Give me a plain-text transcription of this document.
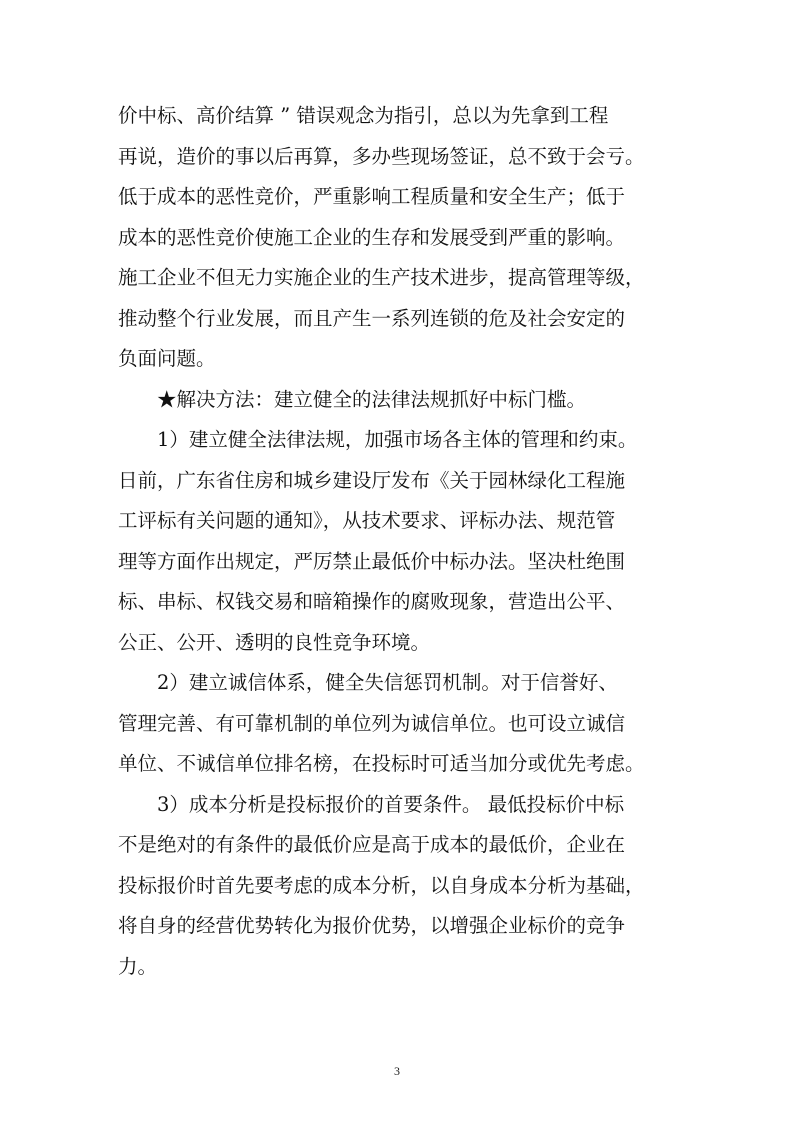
价中标、高价结算 ” 错误观念为指引，总以为先拿到工程
再说，造价的事以后再算，多办些现场签证，总不致于会亏。
低于成本的恶性竞价，严重影响工程质量和安全生产；低于
成本的恶性竞价使施工企业的生存和发展受到严重的影响。
施工企业不但无力实施企业的生产技术进步，提高管理等级，
推动整个行业发展，而且产生一系列连锁的危及社会安定的
负面问题。
★解决方法：建立健全的法律法规抓好中标门槛。
1）建立健全法律法规，加强市场各主体的管理和约束。
日前，广东省住房和城乡建设厅发布《关于园林绿化工程施
工评标有关问题的通知》，从技术要求、评标办法、规范管
理等方面作出规定，严厉禁止最低价中标办法。坚决杜绝围
标、串标、权钱交易和暗箱操作的腐败现象，营造出公平、
公正、公开、透明的良性竞争环境。
2）建立诚信体系，健全失信惩罚机制。对于信誉好、
管理完善、有可靠机制的单位列为诚信单位。也可设立诚信
单位、不诚信单位排名榜，在投标时可适当加分或优先考虑。
3）成本分析是投标报价的首要条件。 最低投标价中标
不是绝对的有条件的最低价应是高于成本的最低价，企业在
投标报价时首先要考虑的成本分析，以自身成本分析为基础，
将自身的经营优势转化为报价优势，以增强企业标价的竞争
力。
3
